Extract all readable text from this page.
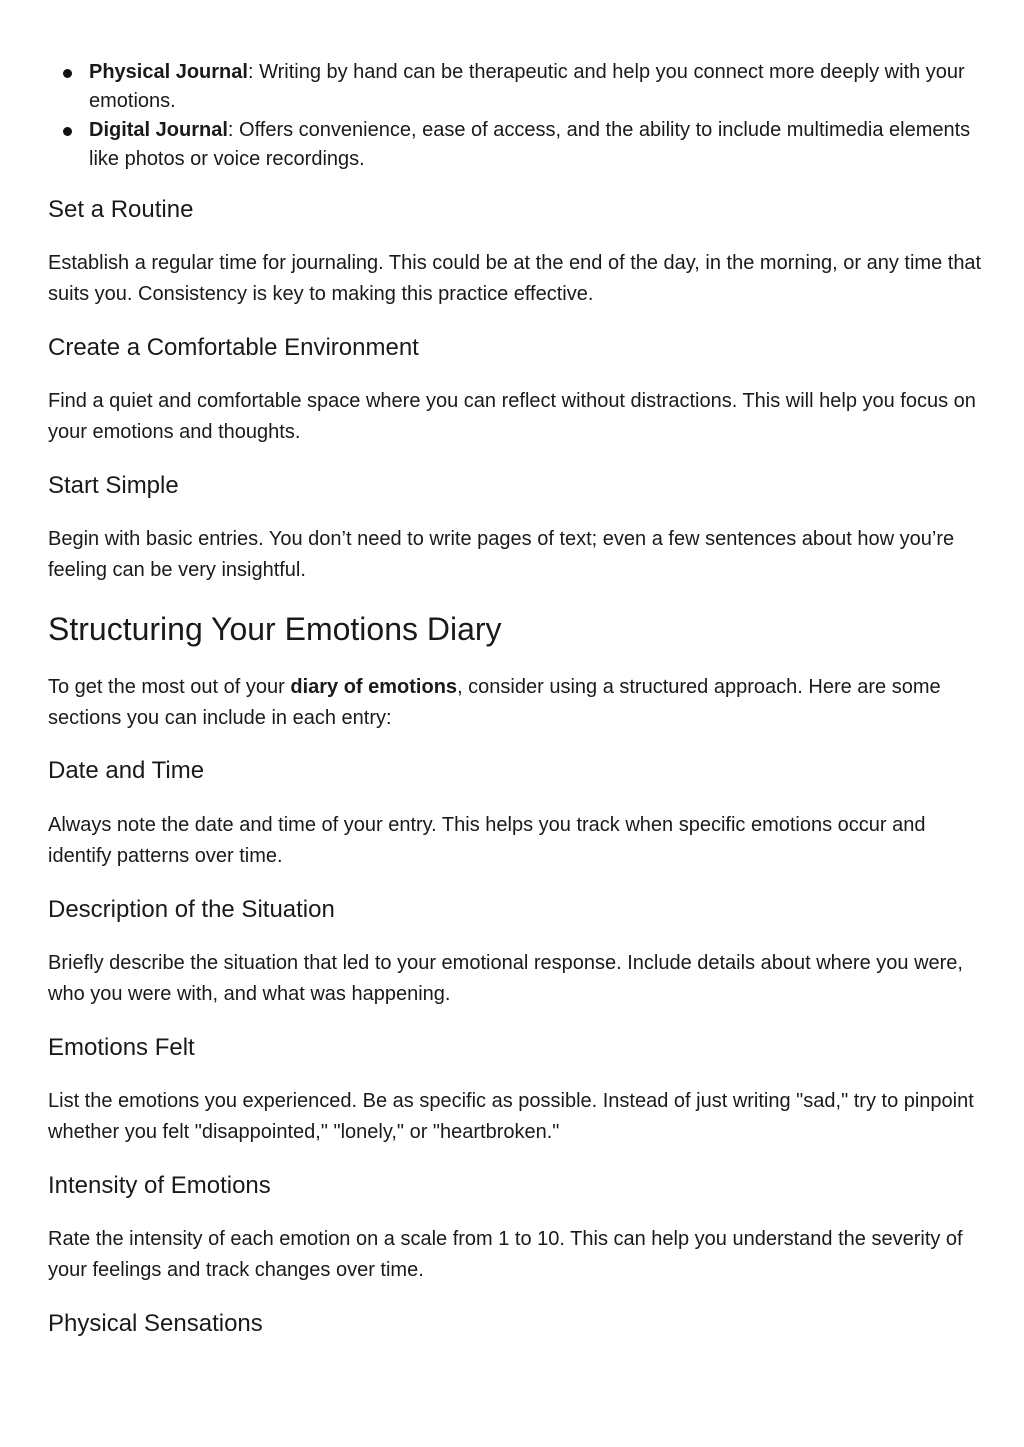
Physical Journal: Writing by hand can be therapeutic and help you connect more deeply with your emotions.
Digital Journal: Offers convenience, ease of access, and the ability to include multimedia elements like photos or voice recordings.
Set a Routine

Establish a regular time for journaling. This could be at the end of the day, in the morning, or any time that suits you. Consistency is key to making this practice effective.

Create a Comfortable Environment

Find a quiet and comfortable space where you can reflect without distractions. This will help you focus on your emotions and thoughts.

Start Simple

Begin with basic entries. You don’t need to write pages of text; even a few sentences about how you’re feeling can be very insightful.

Structuring Your Emotions Diary

To get the most out of your diary of emotions, consider using a structured approach. Here are some sections you can include in each entry:

Date and Time

Always note the date and time of your entry. This helps you track when specific emotions occur and identify patterns over time.

Description of the Situation

Briefly describe the situation that led to your emotional response. Include details about where you were, who you were with, and what was happening.

Emotions Felt

List the emotions you experienced. Be as specific as possible. Instead of just writing "sad," try to pinpoint whether you felt "disappointed," "lonely," or "heartbroken."

Intensity of Emotions

Rate the intensity of each emotion on a scale from 1 to 10. This can help you understand the severity of your feelings and track changes over time.

Physical Sensations
